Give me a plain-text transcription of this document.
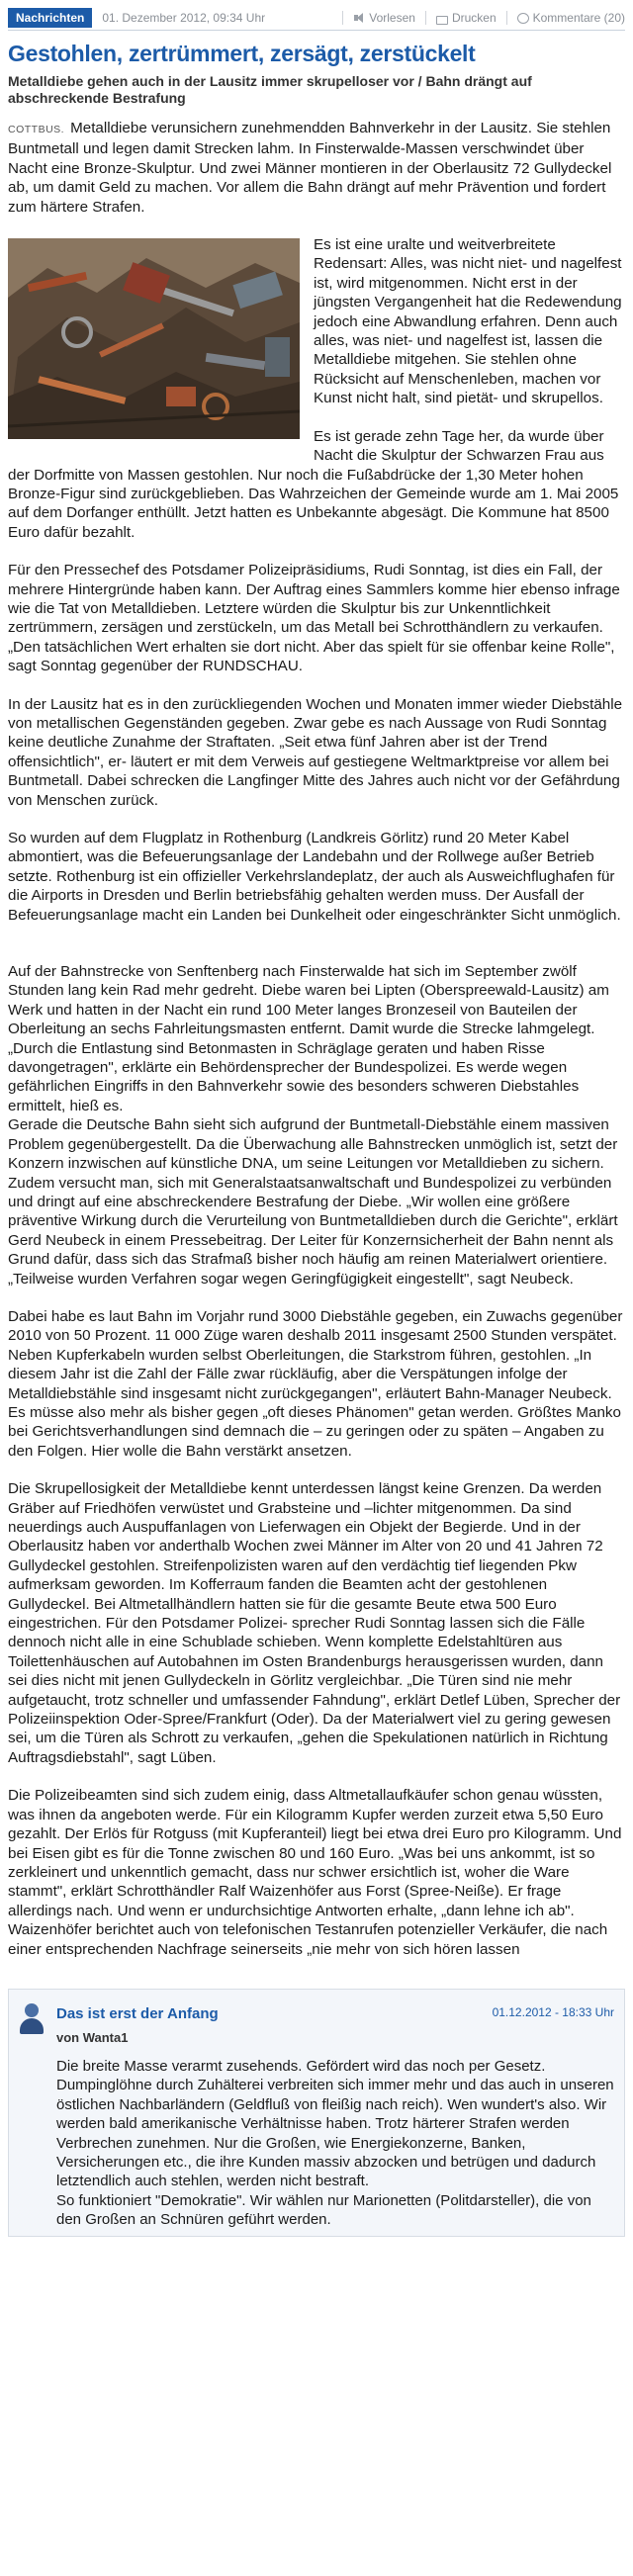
Nachrichten	01. Dezember 2012, 09:34 Uhr	Vorlesen	Drucken	Kommentare (20)
Gestohlen, zertrümmert, zersägt, zerstückelt
Metalldiebe gehen auch in der Lausitz immer skrupelloser vor / Bahn drängt auf abschreckende Bestrafung

COTTBUS. Metalldiebe verunsichern zunehmendden Bahnverkehr in der Lausitz. Sie stehlen Buntmetall und legen damit Strecken lahm. In Finsterwalde-Massen verschwindet über Nacht eine Bronze-Skulptur. Und zwei Männer montieren in der Oberlausitz 72 Gullydeckel ab, um damit Geld zu machen. Vor allem die Bahn drängt auf mehr Prävention und fordert zum härtere Strafen.

Es ist eine uralte und weitverbreitete Redensart: Alles, was nicht niet- und nagelfest ist, wird mitgenommen. Nicht erst in der jüngsten Vergangenheit hat die Redewendung jedoch eine Abwandlung erfahren. Denn auch alles, was niet- und nagelfest ist, lassen die Metalldiebe mitgehen. Sie stehlen ohne Rücksicht auf Menschenleben, machen vor Kunst nicht halt, sind pietät- und skrupellos.

Es ist gerade zehn Tage her, da wurde über Nacht die Skulptur der Schwarzen Frau aus der Dorfmitte von Massen gestohlen. Nur noch die Fußabdrücke der 1,30 Meter hohen Bronze-Figur sind zurückgeblieben. Das Wahrzeichen der Gemeinde wurde am 1. Mai 2005 auf dem Dorfanger enthüllt. Jetzt hatten es Unbekannte abgesägt. Die Kommune hat 8500 Euro dafür bezahlt.

Für den Pressechef des Potsdamer Polizeipräsidiums, Rudi Sonntag, ist dies ein Fall, der mehrere Hintergründe haben kann. Der Auftrag eines Sammlers komme hier ebenso infrage wie die Tat von Metalldieben. Letztere würden die Skulptur bis zur Unkenntlichkeit zertrümmern, zersägen und zerstückeln, um das Metall bei Schrotthändlern zu verkaufen. „Den tatsächlichen Wert erhalten sie dort nicht. Aber das spielt für sie offenbar keine Rolle", sagt Sonntag gegenüber der RUNDSCHAU.

In der Lausitz hat es in den zurückliegenden Wochen und Monaten immer wieder Diebstähle von metallischen Gegenständen gegeben. Zwar gebe es nach Aussage von Rudi Sonntag keine deutliche Zunahme der Straftaten. „Seit etwa fünf Jahren aber ist der Trend offensichtlich", er- läutert er mit dem Verweis auf gestiegene Weltmarktpreise vor allem bei Buntmetall. Dabei schrecken die Langfinger Mitte des Jahres auch nicht vor der Gefährdung von Menschen zurück.

So wurden auf dem Flugplatz in Rothenburg (Landkreis Görlitz) rund 20 Meter Kabel abmontiert, was die Befeuerungsanlage der Landebahn und der Rollwege außer Betrieb setzte. Rothenburg ist ein offizieller Verkehrslandeplatz, der auch als Ausweichflughafen für die Airports in Dresden und Berlin betriebsfähig gehalten werden muss. Der Ausfall der Befeuerungsanlage macht ein Landen bei Dunkelheit oder eingeschränkter Sicht unmöglich.

Auf der Bahnstrecke von Senftenberg nach Finsterwalde hat sich im September zwölf Stunden lang kein Rad mehr gedreht. Diebe waren bei Lipten (Oberspreewald-Lausitz) am Werk und hatten in der Nacht ein rund 100 Meter langes Bronzeseil von Bauteilen der Oberleitung an sechs Fahrleitungsmasten entfernt. Damit wurde die Strecke lahmgelegt. „Durch die Entlastung sind Betonmasten in Schräglage geraten und haben Risse davongetragen", erklärte ein Behördensprecher der Bundespolizei. Es werde wegen gefährlichen Eingriffs in den Bahnverkehr sowie des besonders schweren Diebstahles ermittelt, hieß es.

Gerade die Deutsche Bahn sieht sich aufgrund der Buntmetall-Diebstähle einem massiven Problem gegenübergestellt. Da die Überwachung alle Bahnstrecken unmöglich ist, setzt der Konzern inzwischen auf künstliche DNA, um seine Leitungen vor Metalldieben zu sichern. Zudem versucht man, sich mit Generalstaatsanwaltschaft und Bundespolizei zu verbünden und dringt auf eine abschreckendere Bestrafung der Diebe. „Wir wollen eine größere präventive Wirkung durch die Verurteilung von Buntmetalldieben durch die Gerichte", erklärt Gerd Neubeck in einem Pressebeitrag. Der Leiter für Konzernsicherheit der Bahn nennt als Grund dafür, dass sich das Strafmaß bisher noch häufig am reinen Materialwert orientiere. „Teilweise wurden Verfahren sogar wegen Geringfügigkeit eingestellt", sagt Neubeck.

Dabei habe es laut Bahn im Vorjahr rund 3000 Diebstähle gegeben, ein Zuwachs gegenüber 2010 von 50 Prozent. 11 000 Züge waren deshalb 2011 insgesamt 2500 Stunden verspätet. Neben Kupferkabeln wurden selbst Oberleitungen, die Starkstrom führen, gestohlen. „In diesem Jahr ist die Zahl der Fälle zwar rückläufig, aber die Verspätungen infolge der Metalldiebstähle sind insgesamt nicht zurückgegangen", erläutert Bahn-Manager Neubeck. Es müsse also mehr als bisher gegen „oft dieses Phänomen" getan werden. Größtes Manko bei Gerichtsverhandlungen sind demnach die – zu geringen oder zu späten – Angaben zu den Folgen. Hier wolle die Bahn verstärkt ansetzen.

Die Skrupellosigkeit der Metalldiebe kennt unterdessen längst keine Grenzen. Da werden Gräber auf Friedhöfen verwüstet und Grabsteine und –lichter mitgenommen. Da sind neuerdings auch Auspuffanlagen von Lieferwagen ein Objekt der Begierde. Und in der Oberlausitz haben vor anderthalb Wochen zwei Männer im Alter von 20 und 41 Jahren 72 Gullydeckel gestohlen. Streifenpolizisten waren auf den verdächtig tief liegenden Pkw aufmerksam geworden. Im Kofferraum fanden die Beamten acht der gestohlenen Gullydeckel. Bei Altmetallhändlern hatten sie für die gesamte Beute etwa 500 Euro eingestrichen. Für den Potsdamer Polizei- sprecher Rudi Sonntag lassen sich die Fälle dennoch nicht alle in eine Schublade schieben. Wenn komplette Edelstahltüren aus Toilettenhäuschen auf Autobahnen im Osten Brandenburgs herausgerissen wurden, dann sei dies nicht mit jenen Gullydeckeln in Görlitz vergleichbar. „Die Türen sind nie mehr aufgetaucht, trotz schneller und umfassender Fahndung", erklärt Detlef Lüben, Sprecher der Polizeiinspektion Oder-Spree/Frankfurt (Oder). Da der Materialwert viel zu gering gewesen sei, um die Türen als Schrott zu verkaufen, „gehen die Spekulationen natürlich in Richtung Auftragsdiebstahl", sagt Lüben.

Die Polizeibeamten sind sich zudem einig, dass Altmetallaufkäufer schon genau wüssten, was ihnen da angeboten werde. Für ein Kilogramm Kupfer werden zurzeit etwa 5,50 Euro gezahlt. Der Erlös für Rotguss (mit Kupferanteil) liegt bei etwa drei Euro pro Kilogramm. Und bei Eisen gibt es für die Tonne zwischen 80 und 160 Euro. „Was bei uns ankommt, ist so zerkleinert und unkenntlich gemacht, dass nur schwer ersichtlich ist, woher die Ware stammt", erklärt Schrotthändler Ralf Waizenhöfer aus Forst (Spree-Neiße). Er frage allerdings nach. Und wenn er undurchsichtige Antworten erhalte, „dann lehne ich ab". Waizenhöfer berichtet auch von telefonischen Testanrufen potenzieller Verkäufer, die nach einer entsprechenden Nachfrage seinerseits „nie mehr von sich hören lassen

Das ist erst der Anfang
von Wanta1
01.12.2012 - 18:33 Uhr

Die breite Masse verarmt zusehends. Gefördert wird das noch per Gesetz. Dumpinglöhne durch Zuhälterei verbreiten sich immer mehr und das auch in unseren östlichen Nachbarländern (Geldfluß von fleißig nach reich). Wen wundert's also. Wir werden bald amerikanische Verhältnisse haben. Trotz härterer Strafen werden Verbrechen zunehmen. Nur die Großen, wie Energiekonzerne, Banken, Versicherungen etc., die ihre Kunden massiv abzocken und betrügen und dadurch letztendlich auch stehlen, werden nicht bestraft.

So funktioniert "Demokratie". Wir wählen nur Marionetten (Politdarsteller), die von den Großen an Schnüren geführt werden.
